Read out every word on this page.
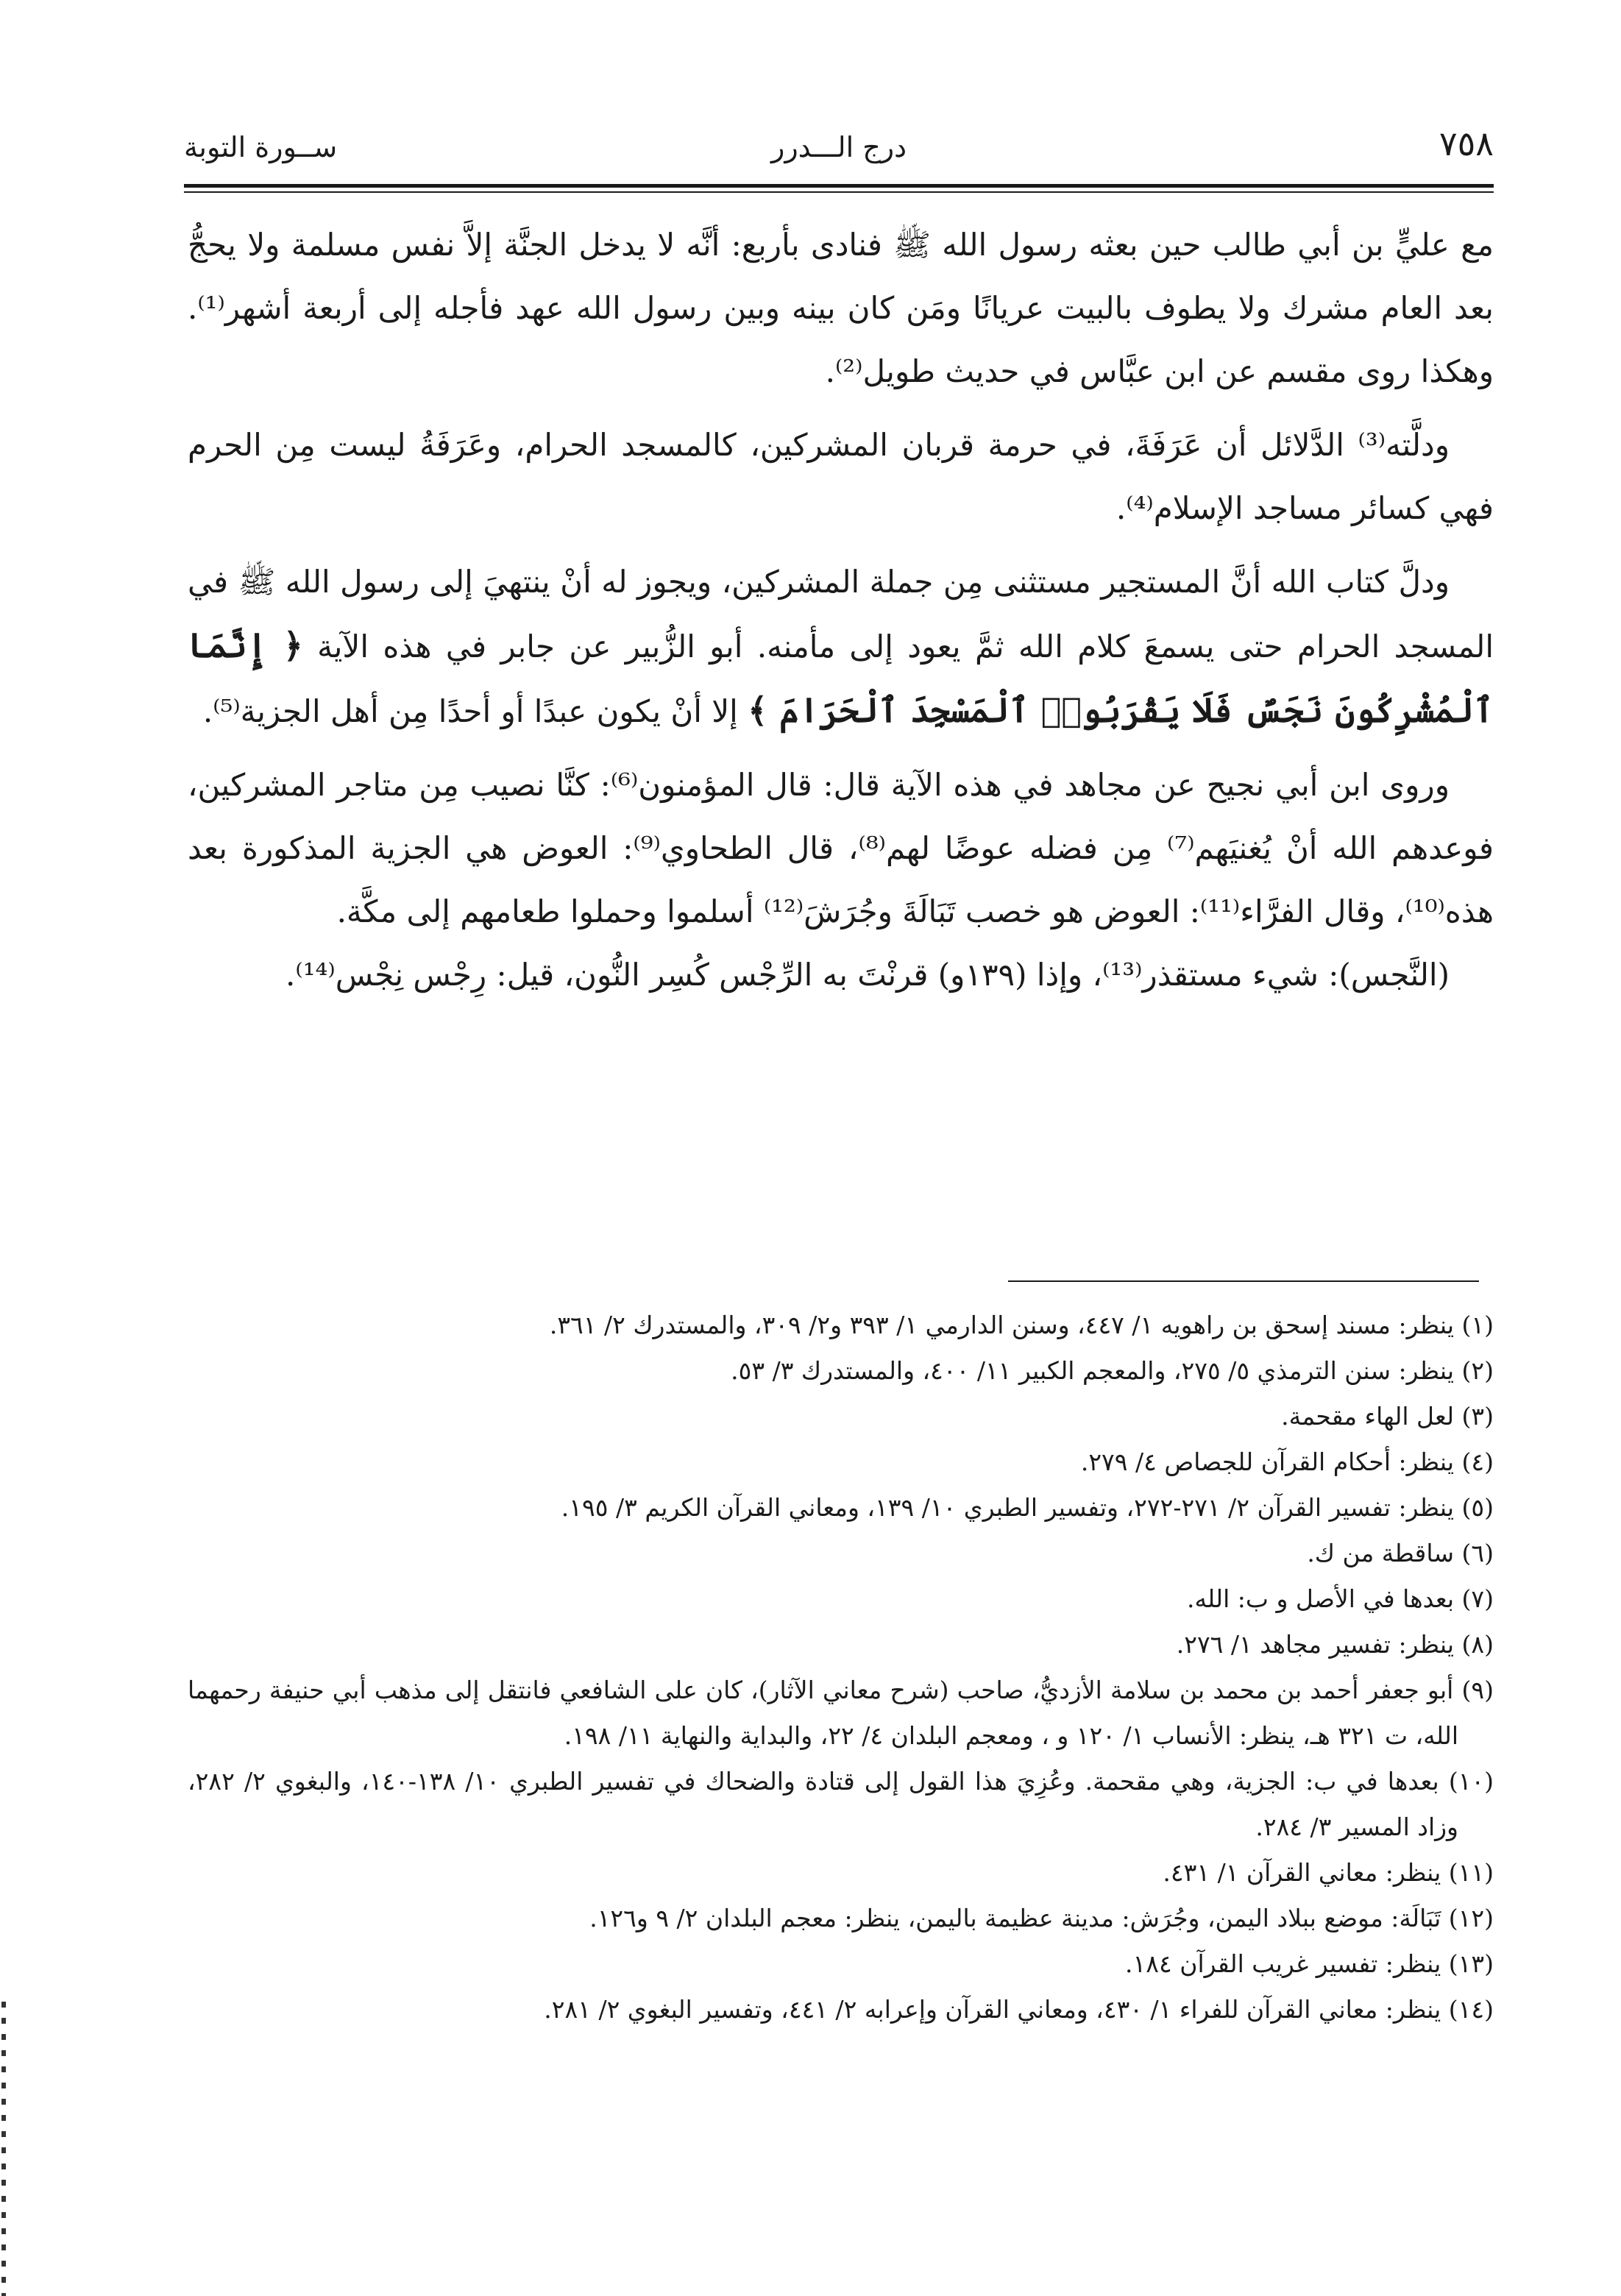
٧٥٨
درج الـــدرر
ســورة التوبة

مع عليٍّ بن أبي طالب حين بعثه رسول الله ﷺ فنادى بأربع: أنَّه لا يدخل الجنَّة إلاَّ نفس مسلمة ولا يحجُّ بعد العام مشرك ولا يطوف بالبيت عريانًا ومَن كان بينه وبين رسول الله عهد فأجله إلى أربعة أشهر⁽¹⁾. وهكذا روى مقسم عن ابن عبَّاس في حديث طويل⁽²⁾.

ودلَّته⁽³⁾ الدَّلائل أن عَرَفَةَ، في حرمة قربان المشركين، كالمسجد الحرام، وعَرَفَةُ ليست مِن الحرم فهي كسائر مساجد الإسلام⁽⁴⁾.

ودلَّ كتاب الله أنَّ المستجير مستثنى مِن جملة المشركين، ويجوز له أنْ ينتهيَ إلى رسول الله ﷺ في المسجد الحرام حتى يسمعَ كلام الله ثمَّ يعود إلى مأمنه. أبو الزُّبير عن جابر في هذه الآية ﴿ إِنَّمَا ٱلْمُشْرِكُونَ نَجَسٌ فَلَا يَقْرَبُوا۟ ٱلْمَسْجِدَ ٱلْحَرَامَ ﴾ إلا أنْ يكون عبدًا أو أحدًا مِن أهل الجزية⁽⁵⁾.

وروى ابن أبي نجيح عن مجاهد في هذه الآية قال: قال المؤمنون⁽⁶⁾: كنَّا نصيب مِن متاجر المشركين، فوعدهم الله أنْ يُغنيَهم⁽⁷⁾ مِن فضله عوضًا لهم⁽⁸⁾، قال الطحاوي⁽⁹⁾: العوض هي الجزية المذكورة بعد هذه⁽¹⁰⁾، وقال الفرَّاء⁽¹¹⁾: العوض هو خصب تَبَالَةَ وجُرَشَ⁽¹²⁾ أسلموا وحملوا طعامهم إلى مكَّة.

(النَّجس): شيء مستقذر⁽¹³⁾، وإذا (١٣٩و) قرنْتَ به الرِّجْس كُسِر النُّون، قيل: رِجْس نِجْس⁽¹⁴⁾.

(١) ينظر: مسند إسحق بن راهويه ١/ ٤٤٧، وسنن الدارمي ١/ ٣٩٣ و٢/ ٣٠٩، والمستدرك ٢/ ٣٦١.

(٢) ينظر: سنن الترمذي ٥/ ٢٧٥، والمعجم الكبير ١١/ ٤٠٠، والمستدرك ٣/ ٥٣.

(٣) لعل الهاء مقحمة.

(٤) ينظر: أحكام القرآن للجصاص ٤/ ٢٧٩.

(٥) ينظر: تفسير القرآن ٢/ ٢٧١-٢٧٢، وتفسير الطبري ١٠/ ١٣٩، ومعاني القرآن الكريم ٣/ ١٩٥.

(٦) ساقطة من ك.

(٧) بعدها في الأصل و ب: الله.

(٨) ينظر: تفسير مجاهد ١/ ٢٧٦.

(٩) أبو جعفر أحمد بن محمد بن سلامة الأزديُّ، صاحب (شرح معاني الآثار)، كان على الشافعي فانتقل إلى مذهب أبي حنيفة رحمهما الله، ت ٣٢١ هـ، ينظر: الأنساب ١/ ١٢٠ و ، ومعجم البلدان ٤/ ٢٢، والبداية والنهاية ١١/ ١٩٨.

(١٠) بعدها في ب: الجزية، وهي مقحمة. وعُزِيَ هذا القول إلى قتادة والضحاك في تفسير الطبري ١٠/ ١٣٨-١٤٠، والبغوي ٢/ ٢٨٢، وزاد المسير ٣/ ٢٨٤.

(١١) ينظر: معاني القرآن ١/ ٤٣١.

(١٢) تَبَالَة: موضع ببلاد اليمن، وجُرَش: مدينة عظيمة باليمن، ينظر: معجم البلدان ٢/ ٩ و١٢٦.

(١٣) ينظر: تفسير غريب القرآن ١٨٤.

(١٤) ينظر: معاني القرآن للفراء ١/ ٤٣٠، ومعاني القرآن وإعرابه ٢/ ٤٤١، وتفسير البغوي ٢/ ٢٨١.
